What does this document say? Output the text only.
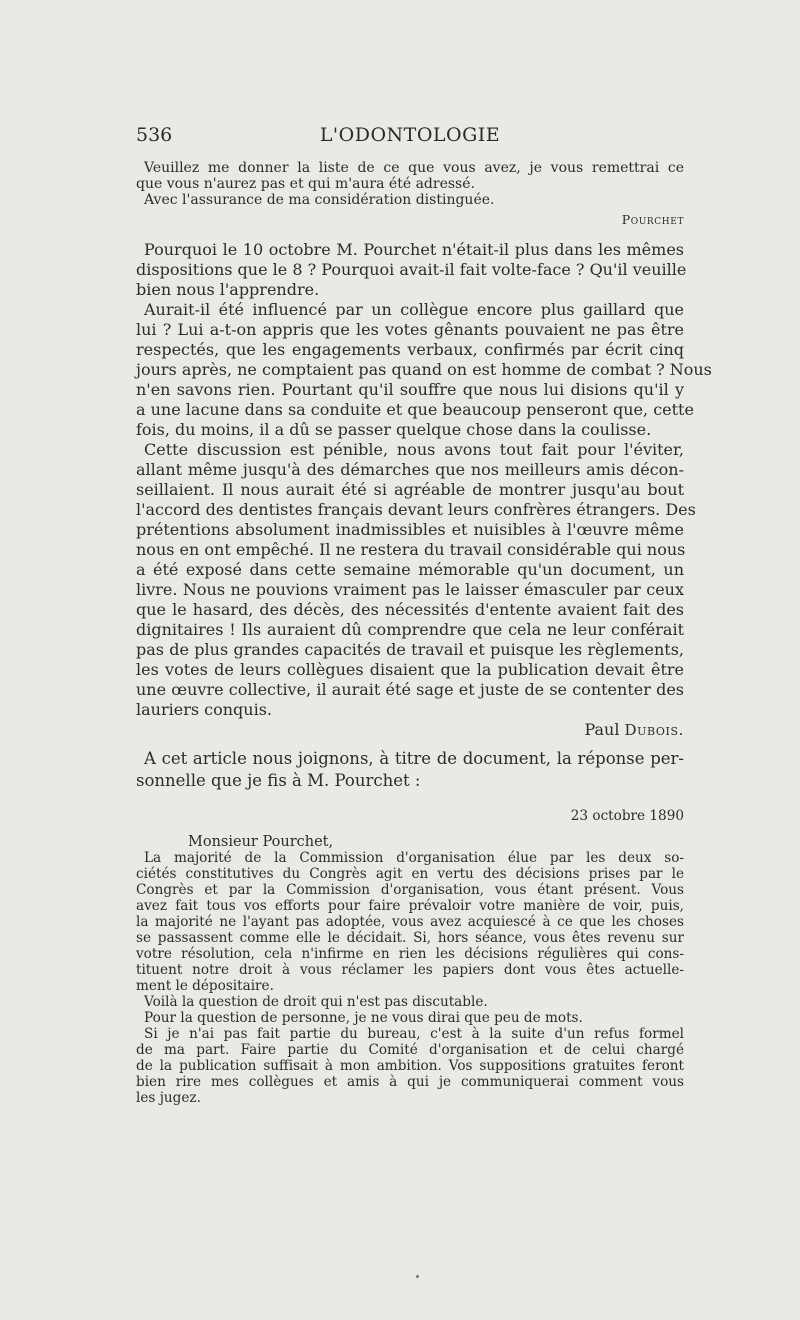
536	L'ODONTOLOGIE
Veuillez me donner la liste de ce que vous avez, je vous remettrai ce
que vous n'aurez pas et qui m'aura été adressé.
Avec l'assurance de ma considération distinguée.
Pourchet
Pourquoi le 10 octobre M. Pourchet n'était-il plus dans les mêmes
dispositions que le 8 ? Pourquoi avait-il fait volte-face ? Qu'il veuille
bien nous l'apprendre.
Aurait-il été influencé par un collègue encore plus gaillard que
lui ? Lui a-t-on appris que les votes gênants pouvaient ne pas être
respectés, que les engagements verbaux, confirmés par écrit cinq
jours après, ne comptaient pas quand on est homme de combat ? Nous
n'en savons rien. Pourtant qu'il souffre que nous lui disions qu'il y
a une lacune dans sa conduite et que beaucoup penseront que, cette
fois, du moins, il a dû se passer quelque chose dans la coulisse.
Cette discussion est pénible, nous avons tout fait pour l'éviter,
allant même jusqu'à des démarches que nos meilleurs amis décon-
seillaient. Il nous aurait été si agréable de montrer jusqu'au bout
l'accord des dentistes français devant leurs confrères étrangers. Des
prétentions absolument inadmissibles et nuisibles à l'œuvre même
nous en ont empêché. Il ne restera du travail considérable qui nous
a été exposé dans cette semaine mémorable qu'un document, un
livre. Nous ne pouvions vraiment pas le laisser émasculer par ceux
que le hasard, des décès, des nécessités d'entente avaient fait des
dignitaires ! Ils auraient dû comprendre que cela ne leur conférait
pas de plus grandes capacités de travail et puisque les règlements,
les votes de leurs collègues disaient que la publication devait être
une œuvre collective, il aurait été sage et juste de se contenter des
lauriers conquis.
Paul Dubois.
A cet article nous joignons, à titre de document, la réponse per-
sonnelle que je fis à M. Pourchet :
23 octobre 1890
Monsieur Pourchet,
La majorité de la Commission d'organisation élue par les deux so-
ciétés constitutives du Congrès agit en vertu des décisions prises par le
Congrès et par la Commission d'organisation, vous étant présent. Vous
avez fait tous vos efforts pour faire prévaloir votre manière de voir, puis,
la majorité ne l'ayant pas adoptée, vous avez acquiescé à ce que les choses
se passassent comme elle le décidait. Si, hors séance, vous êtes revenu sur
votre résolution, cela n'infirme en rien les décisions régulières qui cons-
tituent notre droit à vous réclamer les papiers dont vous êtes actuelle-
ment le dépositaire.
Voilà la question de droit qui n'est pas discutable.
Pour la question de personne, je ne vous dirai que peu de mots.
Si je n'ai pas fait partie du bureau, c'est à la suite d'un refus formel
de ma part. Faire partie du Comité d'organisation et de celui chargé
de la publication suffisait à mon ambition. Vos suppositions gratuites feront
bien rire mes collègues et amis à qui je communiquerai comment vous
les jugez.
